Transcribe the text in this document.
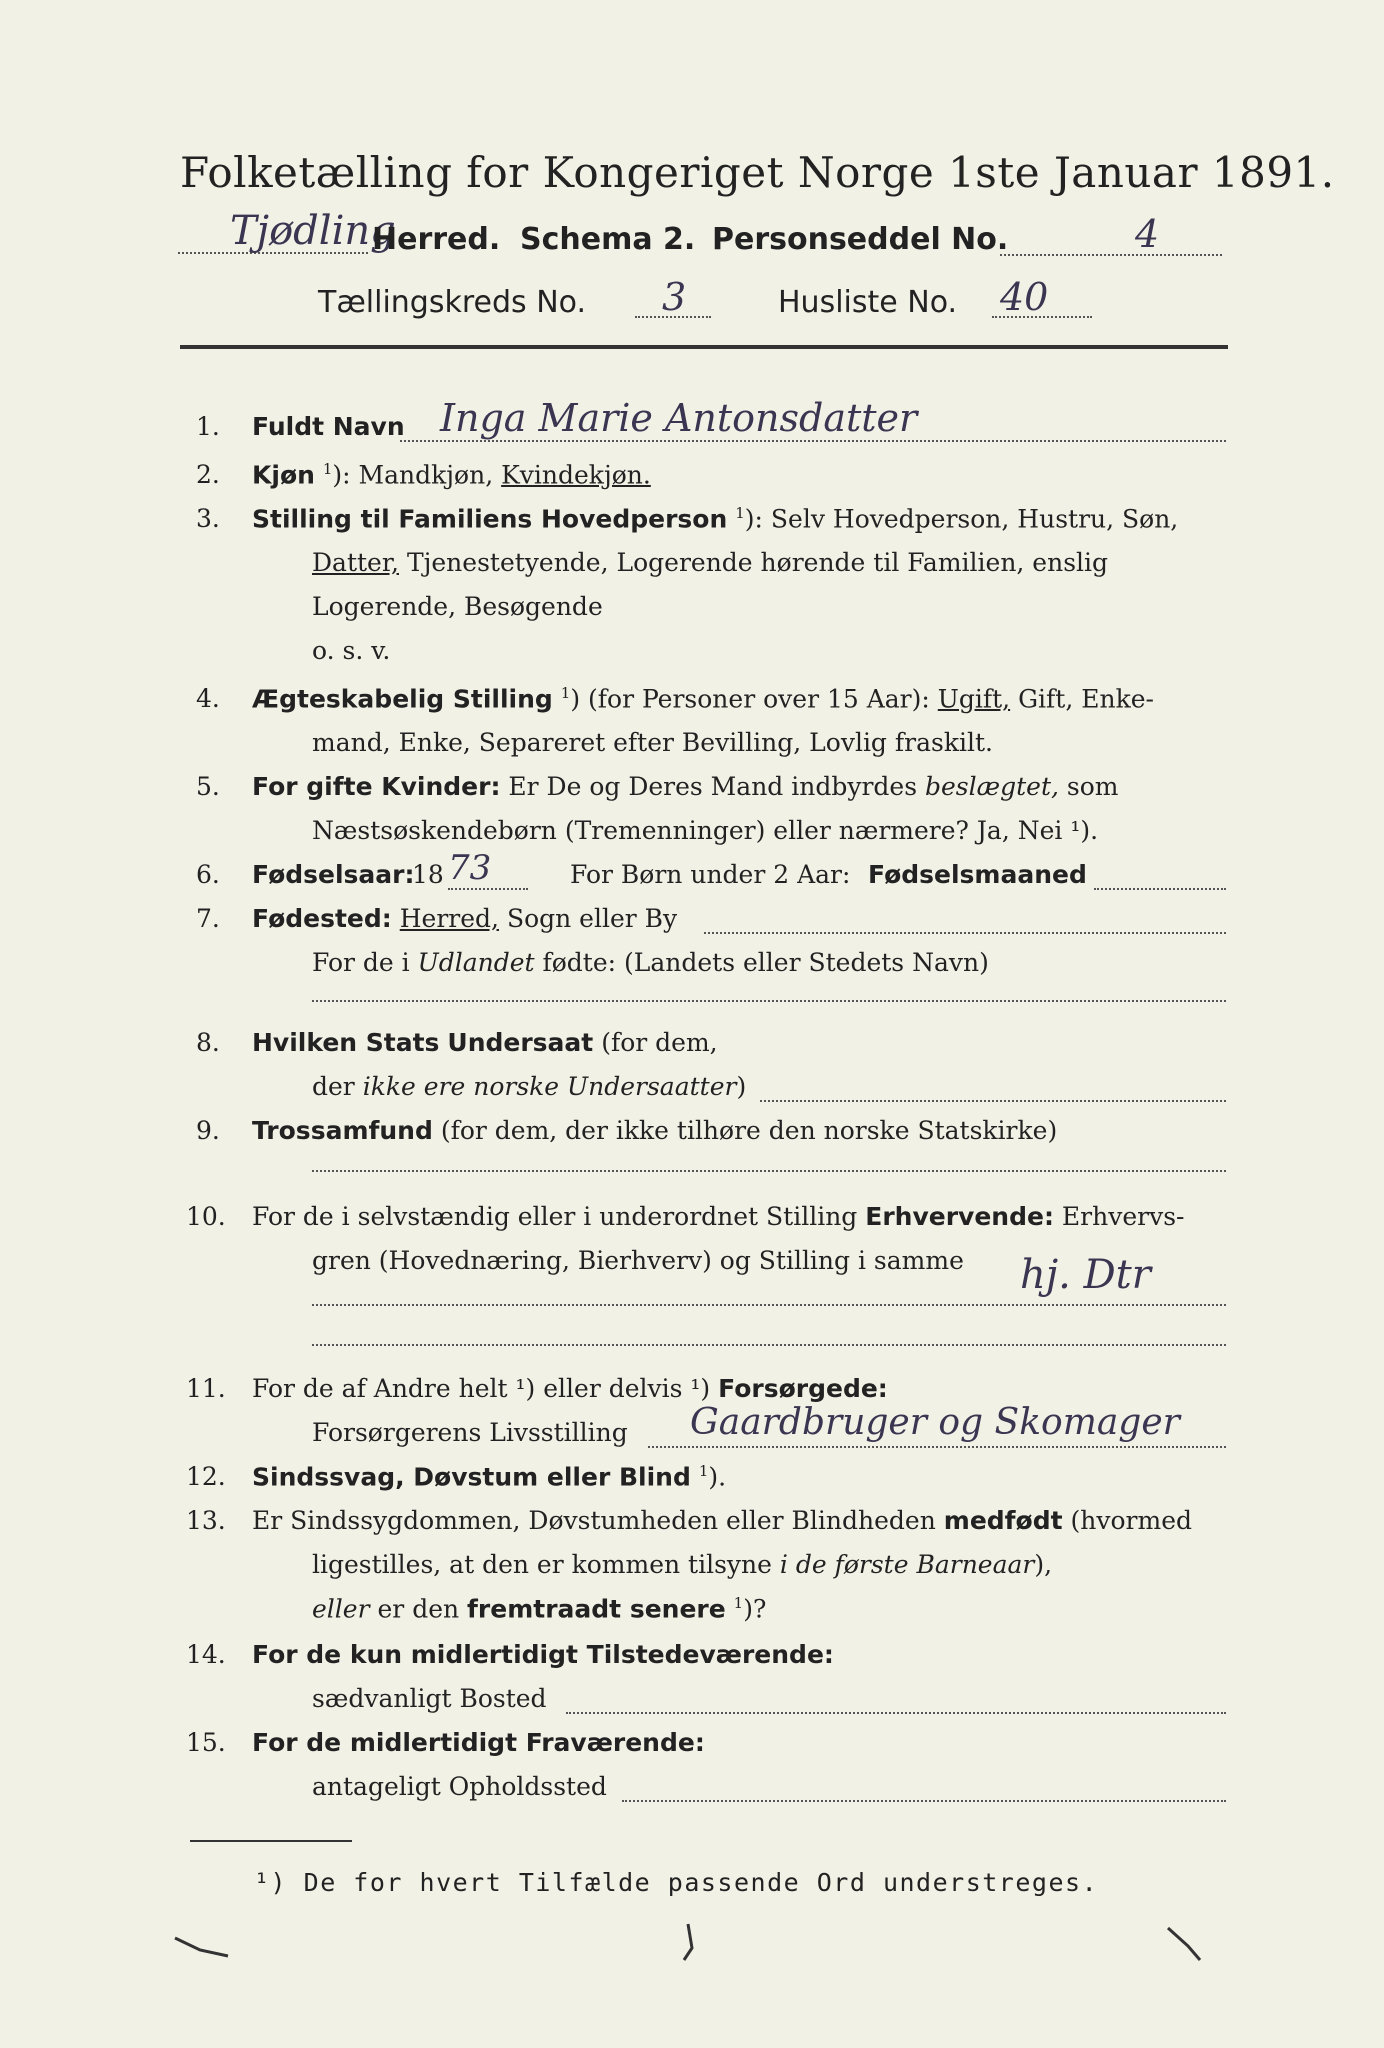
Folketælling for Kongeriget Norge 1ste Januar 1891.
Tjødling
Herred. Schema 2. Personseddel No.	4
Tællingskreds No. 3	Husliste No. 40
1. Fuldt Navn Inga Marie Antonsdatter
2. Kjøn $^1$): Mandkjøn, Kvindekjøn.
3. Stilling til Familiens Hovedperson $^1$): Selv Hovedperson, Hustru, Søn,
Datter, Tjenestetyende, Logerende hørende til Familien, enslig
Logerende, Besøgende
o. s. v.
4. Ægteskabelig Stilling $^1$) (for Personer over 15 Aar): Ugift, Gift, Enke-
mand, Enke, Separeret efter Bevilling, Lovlig fraskilt.
5. For gifte Kvinder: Er De og Deres Mand indbyrdes beslægtet, som
Næstsøskendebørn (Tremenninger) eller nærmere? Ja, Nei ¹).
6. Fødselsaar:
18 73	For Børn under 2 Aar: Fødselsmaaned
7. Fødested: Herred, Sogn eller By
For de i Udlandet fødte: (Landets eller Stedets Navn)
8. Hvilken Stats Undersaat (for dem,
der ikke ere norske Undersaatter)
9. Trossamfund (for dem, der ikke tilhøre den norske Statskirke)
10. For de i selvstændig eller i underordnet Stilling Erhvervende: Erhvervs-
gren (Hovednæring, Bierhverv) og Stilling i samme hj. Dtr
11. For de af Andre helt ¹) eller delvis ¹) Forsørgede:
Forsørgerens Livsstilling Gaardbruger og Skomager
12. Sindssvag, Døvstum eller Blind $^1$).
13. Er Sindssygdommen, Døvstumheden eller Blindheden medfødt (hvormed
ligestilles, at den er kommen tilsyne i de første Barneaar),
eller er den fremtraadt senere $^1$)?
14. For de kun midlertidigt Tilstedeværende:
sædvanligt Bosted
15. For de midlertidigt Fraværende:
antageligt Opholdssted
¹) De for hvert Tilfælde passende Ord understreges.
